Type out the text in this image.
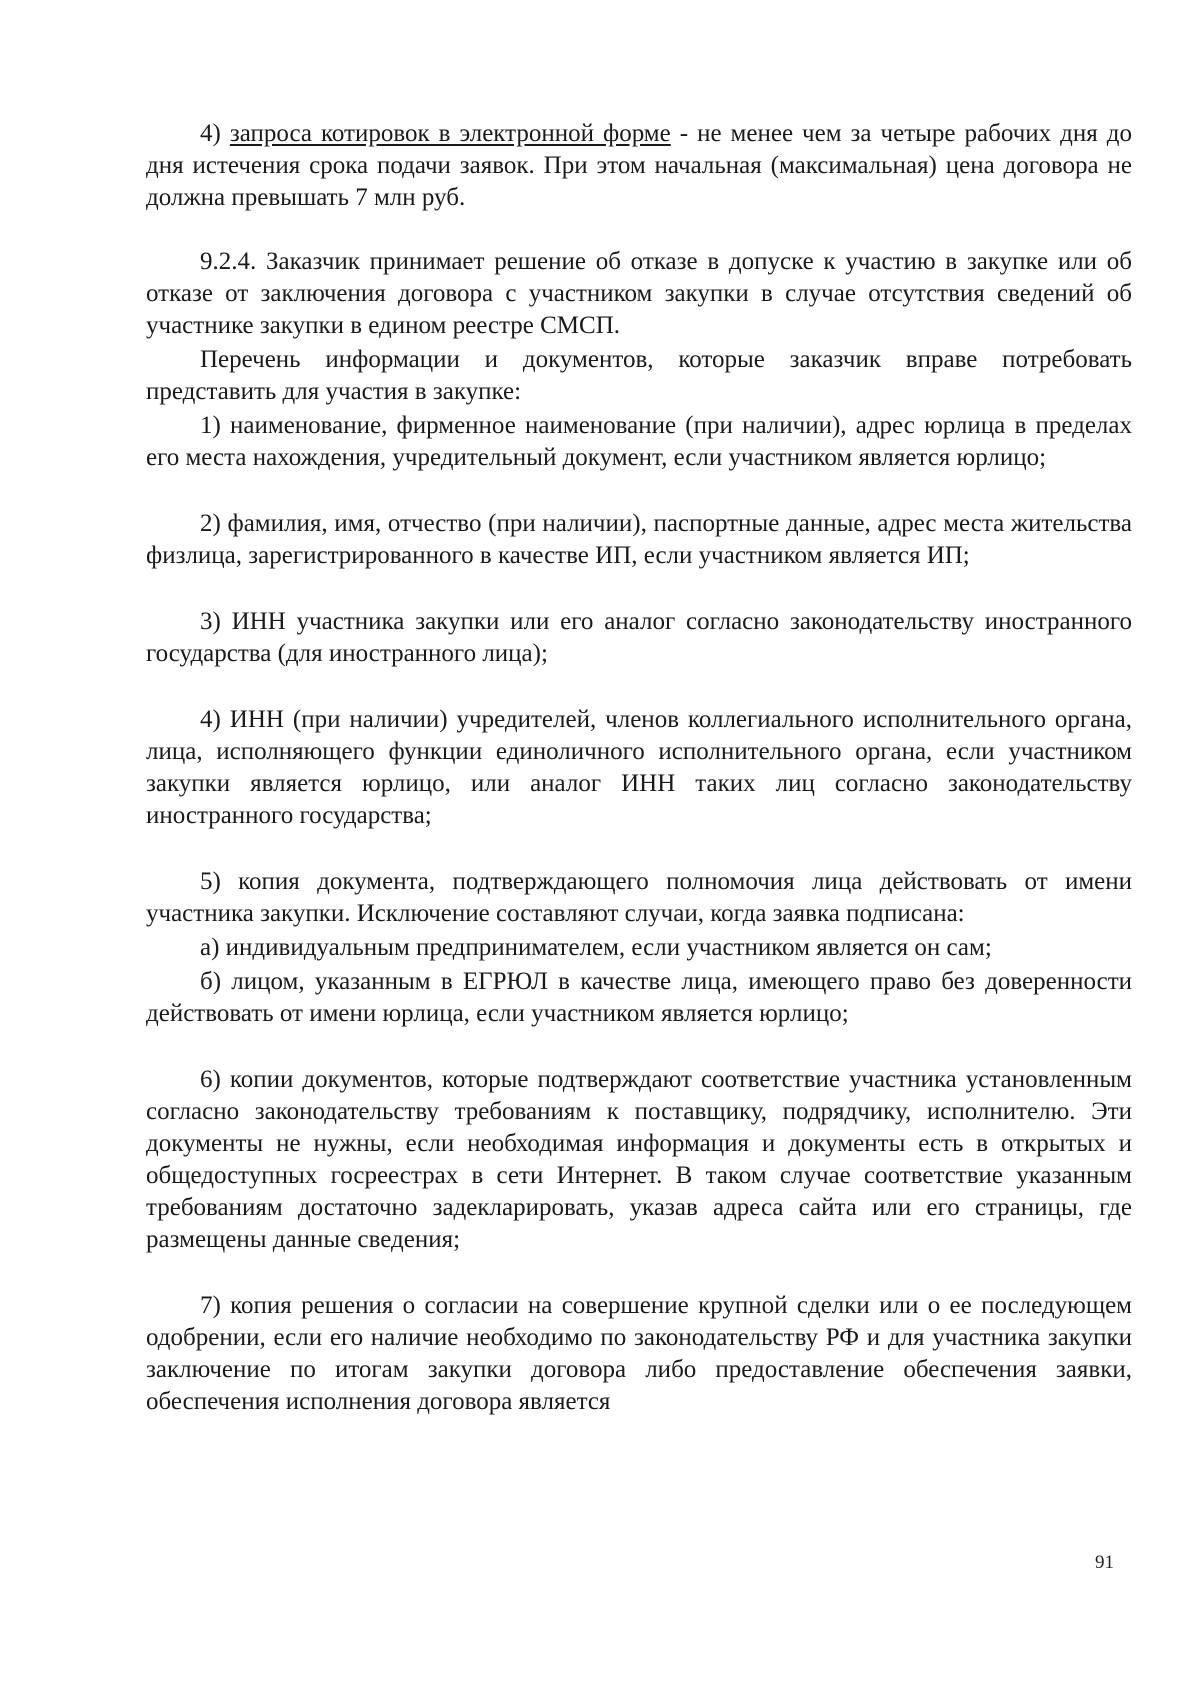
4) запроса котировок в электронной форме - не менее чем за четыре рабочих дня до дня истечения срока подачи заявок. При этом начальная (максимальная) цена договора не должна превышать 7 млн руб.

9.2.4. Заказчик принимает решение об отказе в допуске к участию в закупке или об отказе от заключения договора с участником закупки в случае отсутствия сведений об участнике закупки в едином реестре СМСП.

Перечень информации и документов, которые заказчик вправе потребовать представить для участия в закупке:

1) наименование, фирменное наименование (при наличии), адрес юрлица в пределах его места нахождения, учредительный документ, если участником является юрлицо;

2) фамилия, имя, отчество (при наличии), паспортные данные, адрес места жительства физлица, зарегистрированного в качестве ИП, если участником является ИП;

3) ИНН участника закупки или его аналог согласно законодательству иностранного государства (для иностранного лица);

4) ИНН (при наличии) учредителей, членов коллегиального исполнительного органа, лица, исполняющего функции единоличного исполнительного органа, если участником закупки является юрлицо, или аналог ИНН таких лиц согласно законодательству иностранного государства;

5) копия документа, подтверждающего полномочия лица действовать от имени участника закупки. Исключение составляют случаи, когда заявка подписана:

а) индивидуальным предпринимателем, если участником является он сам;

б) лицом, указанным в ЕГРЮЛ в качестве лица, имеющего право без доверенности действовать от имени юрлица, если участником является юрлицо;

6) копии документов, которые подтверждают соответствие участника установленным согласно законодательству требованиям к поставщику, подрядчику, исполнителю. Эти документы не нужны, если необходимая информация и документы есть в открытых и общедоступных госреестрах в сети Интернет. В таком случае соответствие указанным требованиям достаточно задекларировать, указав адреса сайта или его страницы, где размещены данные сведения;

7) копия решения о согласии на совершение крупной сделки или о ее последующем одобрении, если его наличие необходимо по законодательству РФ и для участника закупки заключение по итогам закупки договора либо предоставление обеспечения заявки, обеспечения исполнения договора является

91
